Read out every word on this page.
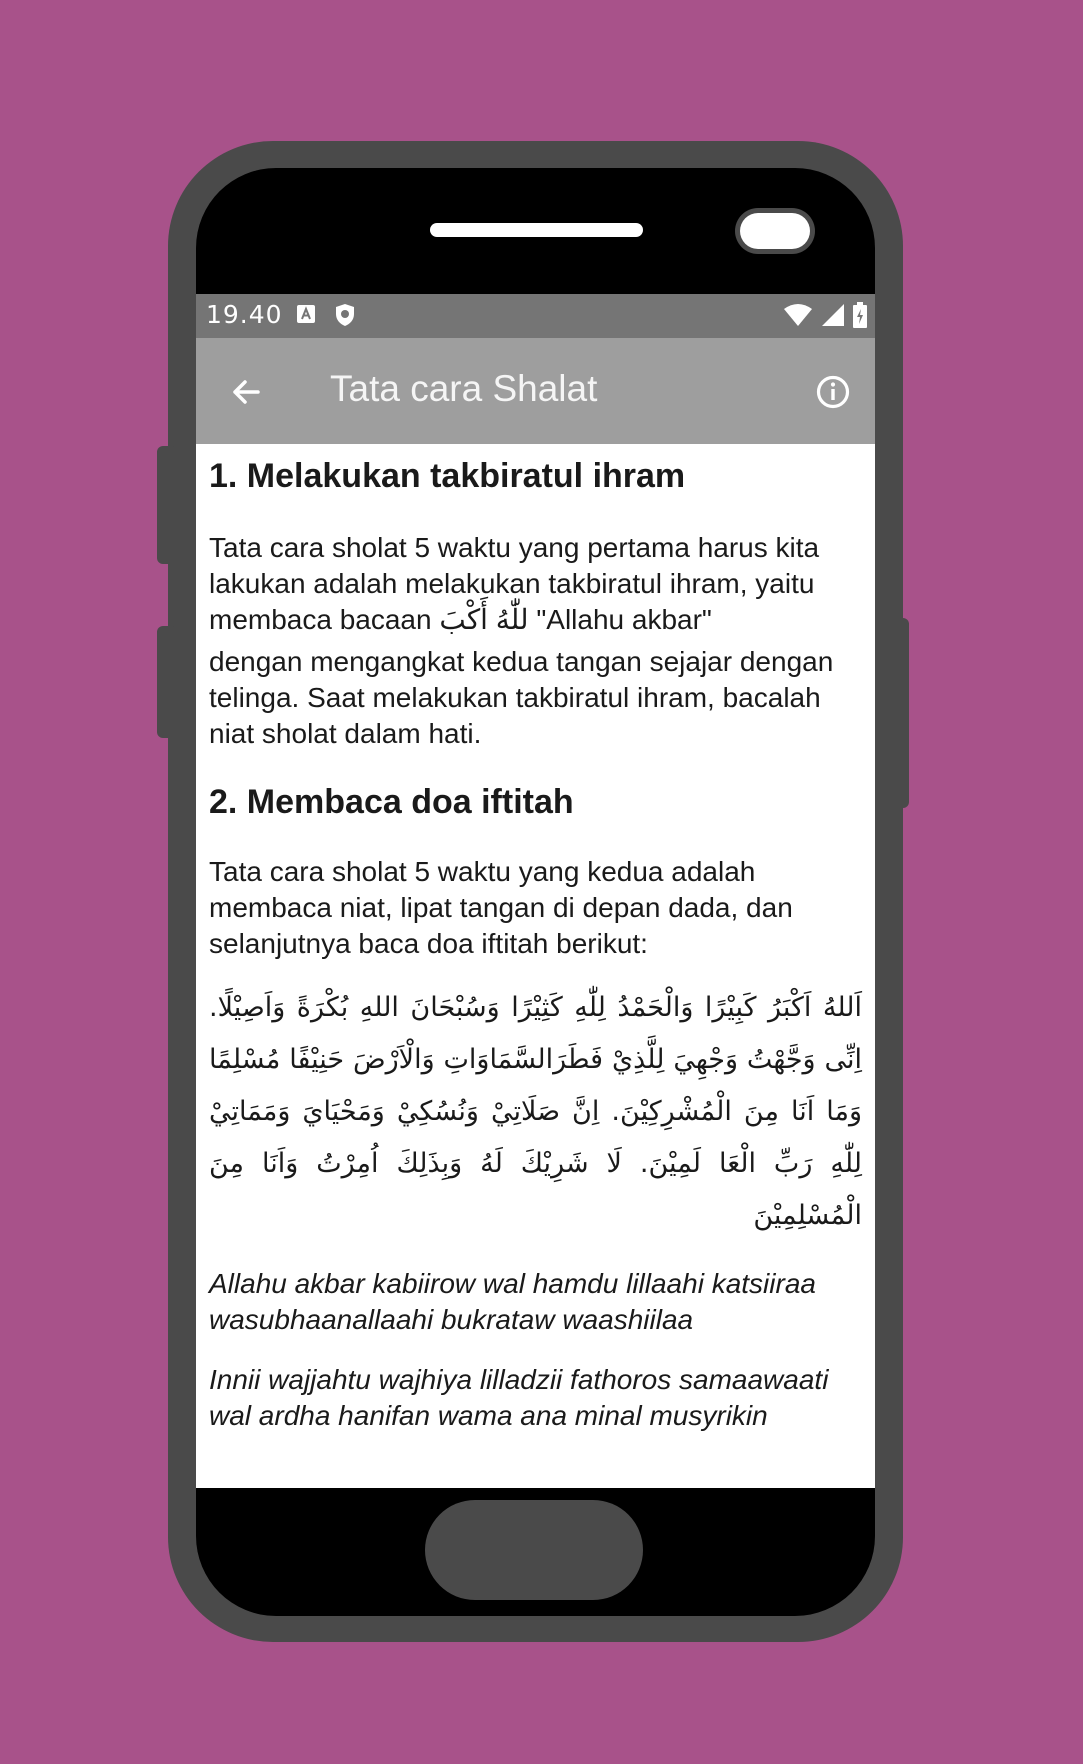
19.40
Tata cara Shalat
1. Melakukan takbiratul ihram

Tata cara sholat 5 waktu yang pertama harus kita lakukan adalah melakukan takbiratul ihram, yaitu membaca bacaan للّٰهُ أَكْبَ "Allahu akbar"

dengan mengangkat kedua tangan sejajar dengan telinga. Saat melakukan takbiratul ihram, bacalah niat sholat dalam hati.

2. Membaca doa iftitah

Tata cara sholat 5 waktu yang kedua adalah membaca niat, lipat tangan di depan dada, dan selanjutnya baca doa iftitah berikut:

اَللهُ اَكْبَرُ كَبِيْرًا وَالْحَمْدُ لِلّٰهِ كَثِيْرًا وَسُبْحَانَ اللهِ بُكْرَةً وَاَصِيْلًا. اِنِّى وَجَّهْتُ وَجْهِيَ لِلَّذِيْ فَطَرَالسَّمَاوَاتِ وَالْاَرْضَ حَنِيْفًا مُسْلِمًا وَمَا اَنَا مِنَ الْمُشْرِكِيْنَ. اِنَّ صَلَاتِيْ وَنُسُكِيْ وَمَحْيَايَ وَمَمَاتِيْ لِلّٰهِ رَبِّ الْعَا لَمِيْنَ. لَا شَرِيْكَ لَهُ وَبِذَلِكَ اُمِرْتُ وَاَنَا مِنَ الْمُسْلِمِيْنَ

Allahu akbar kabiirow wal hamdu lillaahi katsiiraa wasubhaanallaahi bukrataw waashiilaa

Innii wajjahtu wajhiya lilladzii fathoros samaawaati wal ardha hanifan wama ana minal musyrikin
